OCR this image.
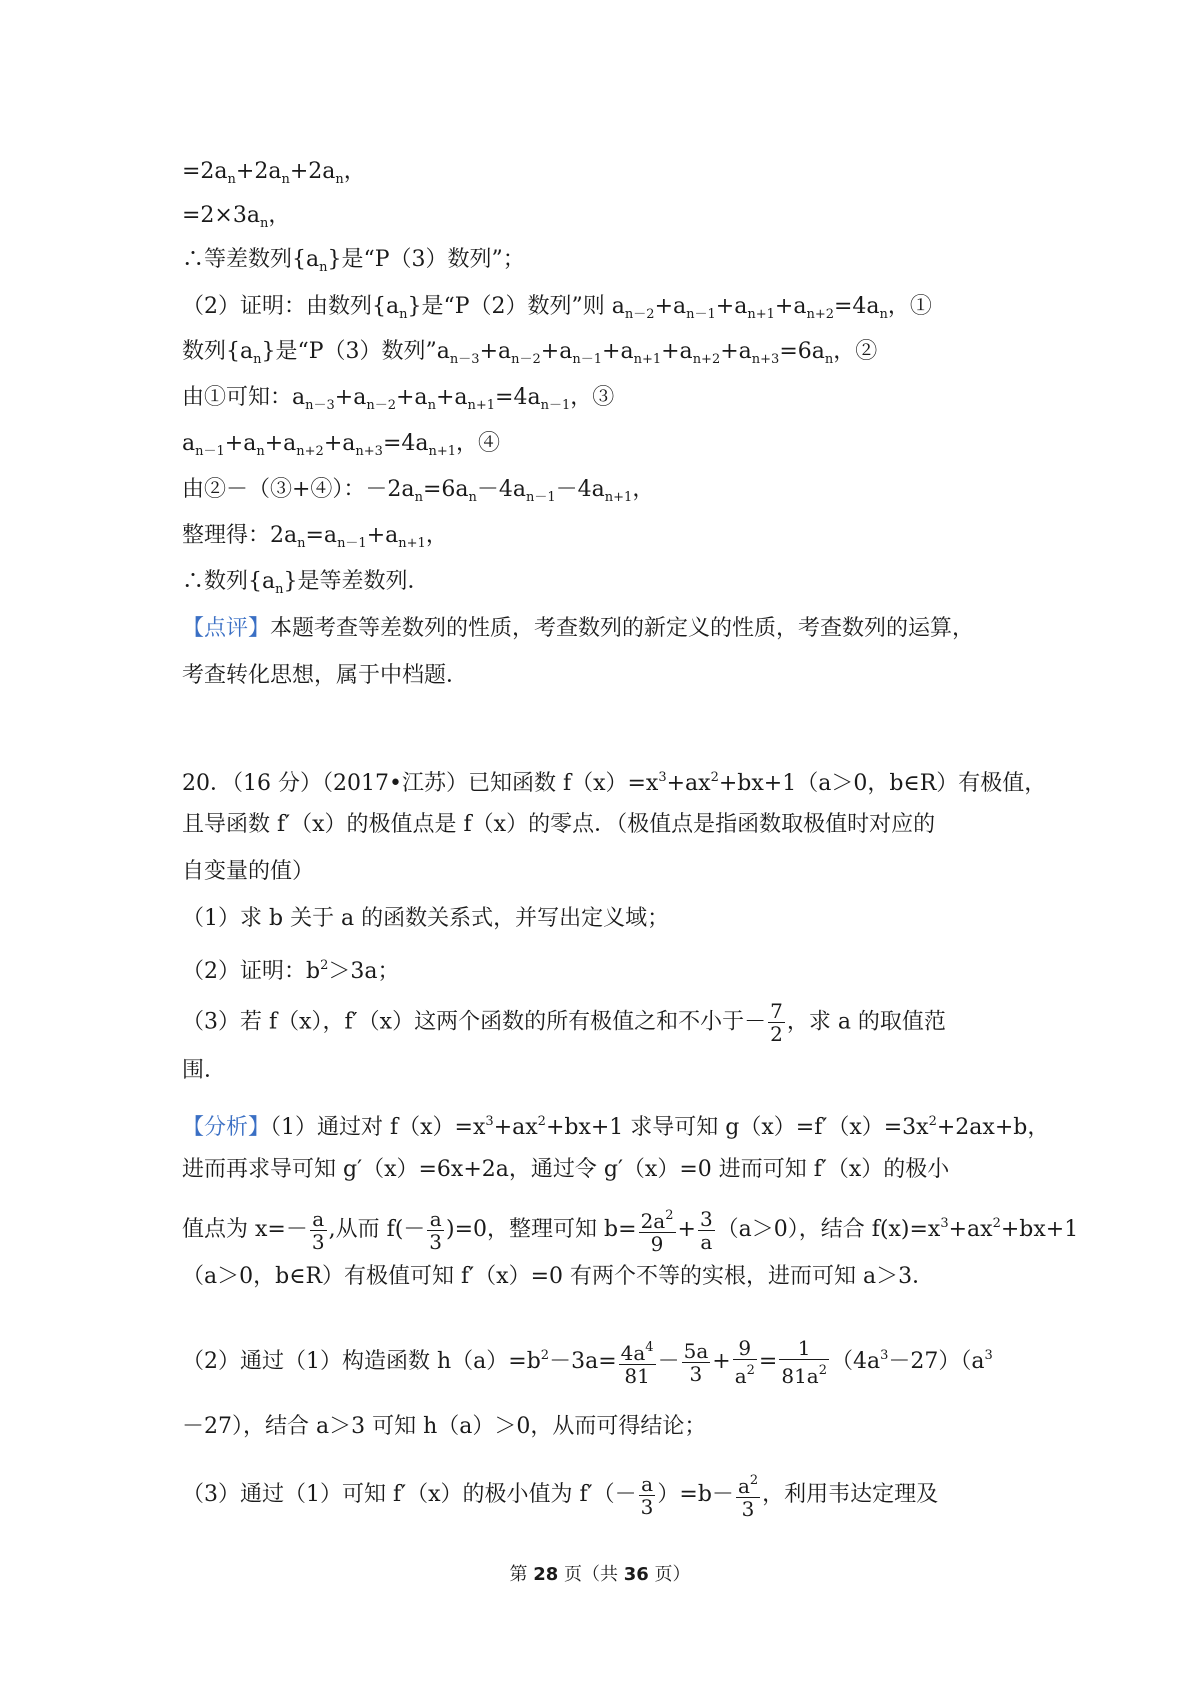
$=2a_n+2a_n+2a_n$，
$=2\times 3a_n$，
∴等差数列$\{a_n\}$是“P（3）数列”；
（2）证明：由数列$\{a_n\}$是“P（2）数列”则 $a_{n-2}+a_{n-1}+a_{n+1}+a_{n+2}=4a_n$，①
数列$\{a_n\}$是“P（3）数列$”a_{n-3}+a_{n-2}+a_{n-1}+a_{n+1}+a_{n+2}+a_{n+3}=6a_n$，②
由①可知：$a_{n-3}+a_{n-2}+a_n+a_{n+1}=4a_{n-1}$，③
$a_{n-1}+a_n+a_{n+2}+a_{n+3}=4a_{n+1}$，④
由②－（③+④）：$-2a_n=6a_n-4a_{n-1}-4a_{n+1}$，
整理得：$2a_n=a_{n-1}+a_{n+1}$，
∴数列$\{a_n\}$是等差数列．
【点评】本题考查等差数列的性质，考查数列的新定义的性质，考查数列的运算，
考查转化思想，属于中档题．
20．（16 分）（2017•江苏）已知函数 $f(x)=x^3+ax^2+bx+1(a>0$，b∈R）有极值，
且导函数 f′（x）的极值点是 f（x）的零点．（极值点是指函数取极值时对应的
自变量的值）
（1）求 b 关于 a 的函数关系式，并写出定义域；
（2）证明：$b^2>3a$；
（3）若 f（x），f′（x）这两个函数的所有极值之和不小于－ $\frac{7}{2}$ ，求 a 的取值范
围．
【分析】（1）通过对 $f(x)=x^3+ax^2+bx+1$ 求导可知 $g(x)=f'(x)=3x^2+2ax+b$，
进而再求导可知 g′（x）=6x+2a，通过令 g′（x）=0 进而可知 f′（x）的极小
值点为 $x=- \frac{a}{3}$ ,从而 $f(- \frac{a}{3} )=0$，整理可知 $b= \frac{2a^2}{9} + \frac{3}{a} (a>0)$，结合 $f(x)=x^3+ax^2+bx+1$
（a＞0，b∈R）有极值可知 f′（x）=0 有两个不等的实根，进而可知 a＞3．
（2）通过（1）构造函数 $h(a)=b^2-3a= \frac{4a^4}{81} - \frac{5a}{3} + \frac{9}{a^2} = \frac{1}{81a^2} (4a^3-27)(a^3$
－27），结合 a＞3 可知 h（a）＞0，从而可得结论；
（3）通过（1）可知 f′（x）的极小值为 $f'(- \frac{a}{3} )=b- \frac{a^2}{3}$ ，利用韦达定理及
第 28 页（共 36 页）
